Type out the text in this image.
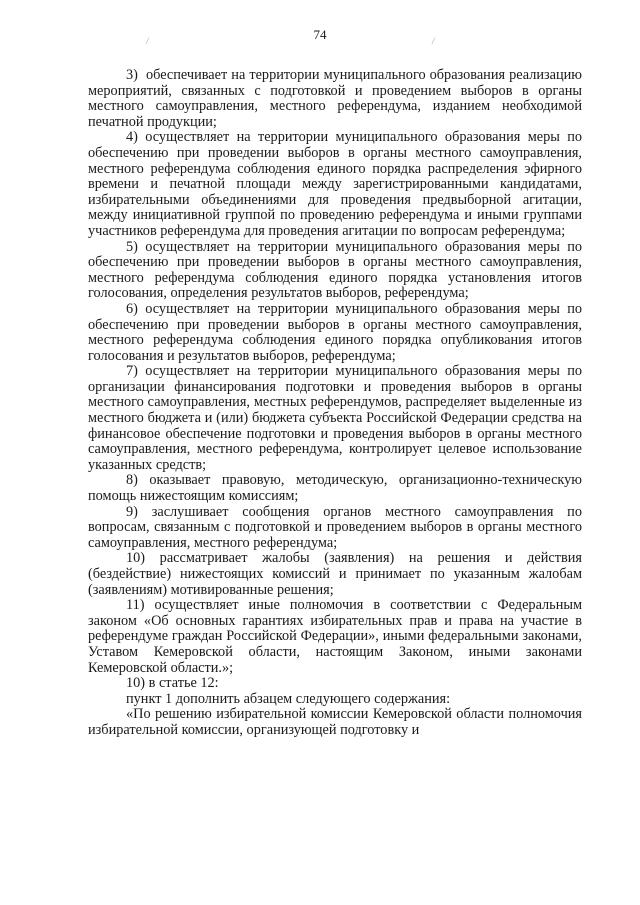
74
/	/

3)  обеспечивает на территории муниципального образования реализацию мероприятий, связанных с подготовкой и проведением выборов в органы местного самоуправления, местного референдума, изданием необходимой печатной продукции;

4) осуществляет на территории муниципального образования меры по обеспечению при проведении выборов в органы местного самоуправления, местного референдума соблюдения единого порядка распределения эфирного времени и печатной площади между зарегистрированными кандидатами, избирательными объединениями для проведения предвыборной агитации, между инициативной группой по проведению референдума и иными группами участников референдума для проведения агитации по вопросам референдума;

5) осуществляет на территории муниципального образования меры по обеспечению при проведении выборов в органы местного самоуправления, местного референдума соблюдения единого порядка установления итогов голосования, определения результатов выборов, референдума;

6) осуществляет на территории муниципального образования меры по обеспечению при проведении выборов в органы местного самоуправления, местного референдума соблюдения единого порядка опубликования итогов голосования и результатов выборов, референдума;

7) осуществляет на территории муниципального образования меры по организации финансирования подготовки и проведения выборов в органы местного самоуправления, местных референдумов, распределяет выделенные из местного бюджета и (или) бюджета субъекта Российской Федерации средства на финансовое обеспечение подготовки и проведения выборов в органы местного самоуправления, местного референдума, контролирует целевое использование указанных средств;

8) оказывает правовую, методическую, организационно-техническую помощь нижестоящим комиссиям;

9) заслушивает сообщения органов местного самоуправления по вопросам, связанным с подготовкой и проведением выборов в органы местного самоуправления, местного референдума;

10) рассматривает жалобы (заявления) на решения и действия (бездействие) нижестоящих комиссий и принимает по указанным жалобам (заявлениям) мотивированные решения;

11) осуществляет иные полномочия в соответствии с Федеральным законом «Об основных гарантиях избирательных прав и права на участие в референдуме граждан Российской Федерации», иными федеральными законами, Уставом Кемеровской области, настоящим Законом, иными законами Кемеровской области.»;

10) в статье 12:

пункт 1 дополнить абзацем следующего содержания:

«По решению избирательной комиссии Кемеровской области полномочия избирательной комиссии, организующей подготовку и
